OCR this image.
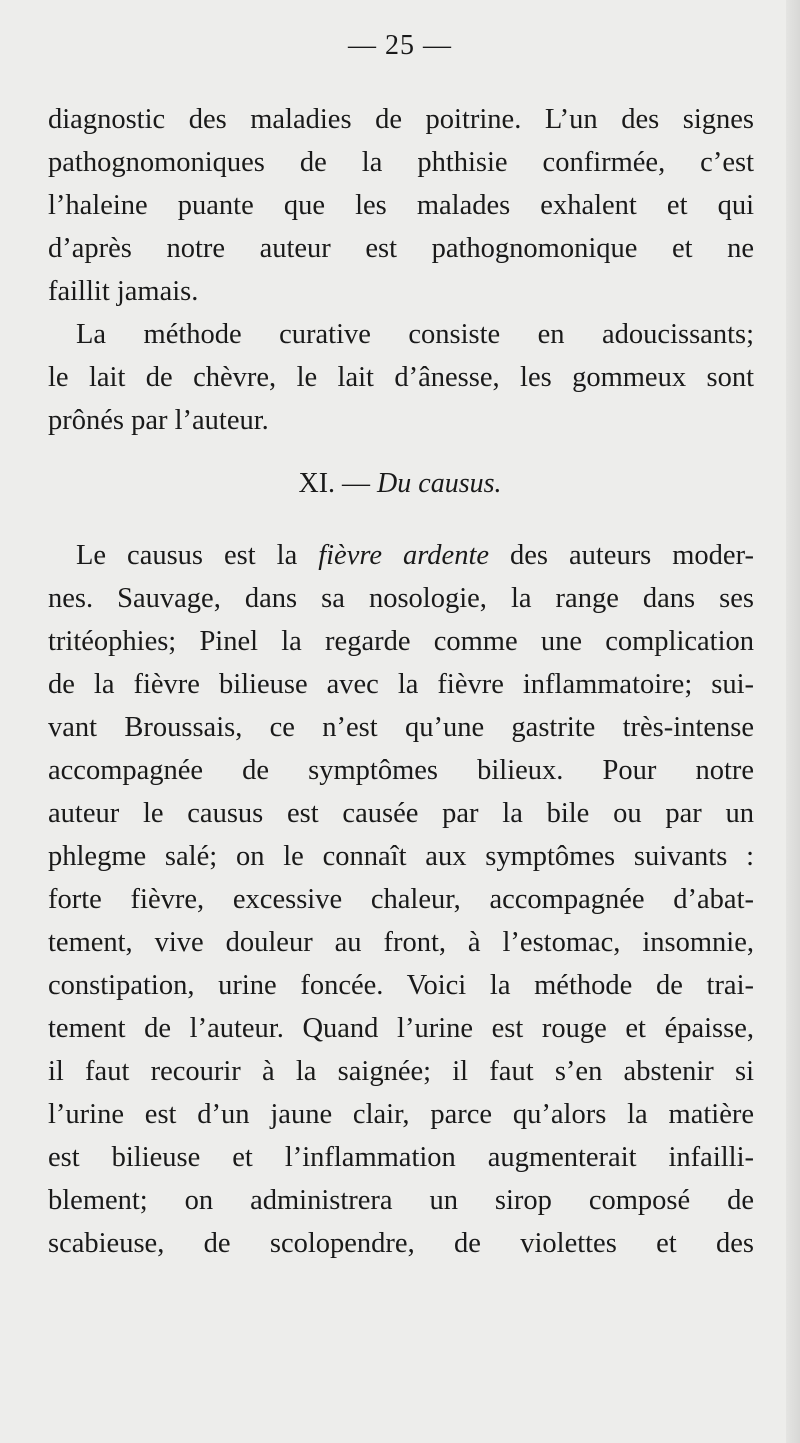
— 25 —
diagnostic des maladies de poitrine. L’un des signes
pathognomoniques de la phthisie confirmée, c’est
l’haleine puante que les malades exhalent et qui
d’après notre auteur est pathognomonique et ne
faillit jamais.
La méthode curative consiste en adoucissants;
le lait de chèvre, le lait d’ânesse, les gommeux sont
prônés par l’auteur.
XI. — Du causus.
Le causus est la fièvre ardente des auteurs moder-
nes. Sauvage, dans sa nosologie, la range dans ses
tritéophies; Pinel la regarde comme une complication
de la fièvre bilieuse avec la fièvre inflammatoire; sui-
vant Broussais, ce n’est qu’une gastrite très-intense
accompagnée de symptômes bilieux. Pour notre
auteur le causus est causée par la bile ou par un
phlegme salé; on le connaît aux symptômes suivants :
forte fièvre, excessive chaleur, accompagnée d’abat-
tement, vive douleur au front, à l’estomac, insomnie,
constipation, urine foncée. Voici la méthode de trai-
tement de l’auteur. Quand l’urine est rouge et épaisse,
il faut recourir à la saignée; il faut s’en abstenir si
l’urine est d’un jaune clair, parce qu’alors la matière
est bilieuse et l’inflammation augmenterait infailli-
blement; on administrera un sirop composé de
scabieuse, de scolopendre, de violettes et des
